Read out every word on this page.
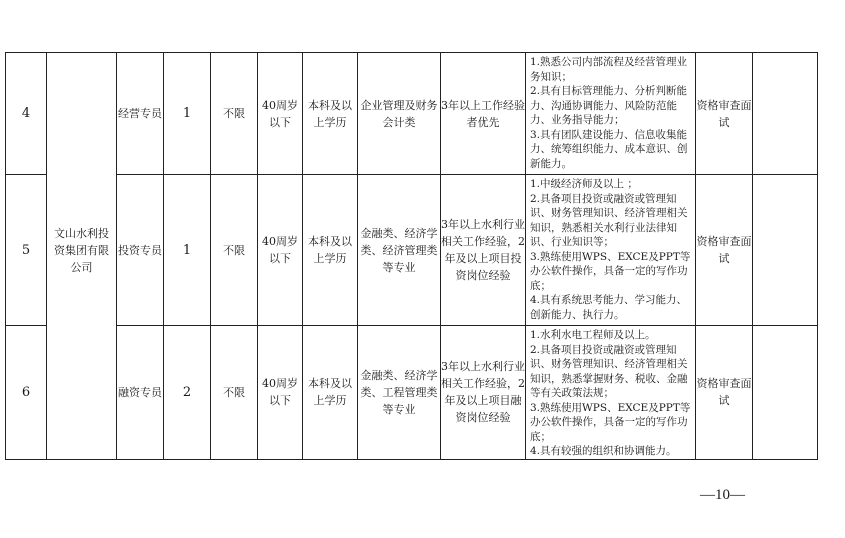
4		经营专员	1	不限	40周岁以下	本科及以上学历	企业管理及财务会计类	3年以上工作经验者优先	1.熟悉公司内部流程及经营管理业务知识；
2.具有目标管理能力、分析判断能力、沟通协调能力、风险防范能力、业务指导能力；
3.具有团队建设能力、信息收集能力、统筹组织能力、成本意识、创新能力。	资格审查面试	
5	文山水利投资集团有限公司	投资专员	1	不限	40周岁以下	本科及以上学历	金融类、经济学类、经济管理类等专业	3年以上水利行业相关工作经验，2年及以上项目投资岗位经验	1.中级经济师及以上 ；
2.具备项目投资或融资或管理知识、财务管理知识、经济管理相关知识，熟悉相关水利行业法律知识、行业知识等；
3.熟练使用WPS、EXCE及PPT等办公软件操作，具备一定的写作功底；
4.具有系统思考能力、学习能力、创新能力、执行力。	资格审查面试	
6		融资专员	2	不限	40周岁以下	本科及以上学历	金融类、经济学类、工程管理类等专业	3年以上水利行业相关工作经验，2年及以上项目融资岗位经验	1.水利水电工程师及以上。
2.具备项目投资或融资或管理知识、财务管理知识、经济管理相关知识，熟悉掌握财务、税收、金融等有关政策法规；
3.熟练使用WPS、EXCE及PPT等办公软件操作，具备一定的写作功底；
4.具有较强的组织和协调能力。	资格审查面试	
—10—
